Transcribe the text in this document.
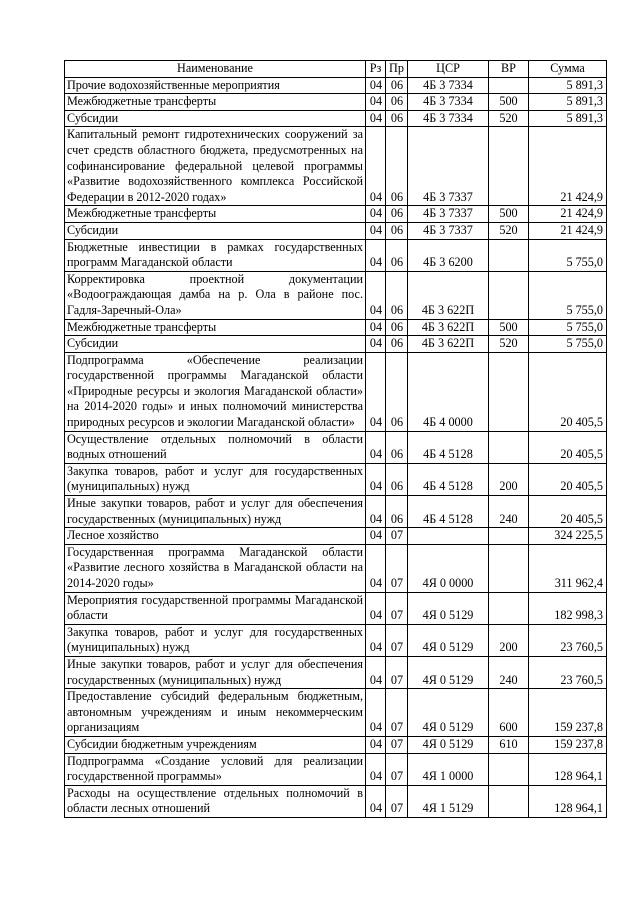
Наименование	Рз	Пр	ЦСР	ВР	Сумма
Прочие водохозяйственные мероприятия	04	06	4Б 3 7334		5 891,3
Межбюджетные трансферты	04	06	4Б 3 7334	500	5 891,3
Субсидии	04	06	4Б 3 7334	520	5 891,3
Капитальный ремонт гидротехнических сооружений за счет средств областного бюджета, предусмотренных на софинансирование федеральной целевой программы «Развитие водохозяйственного комплекса Российской Федерации в 2012-2020 годах»	04	06	4Б 3 7337		21 424,9
Межбюджетные трансферты	04	06	4Б 3 7337	500	21 424,9
Субсидии	04	06	4Б 3 7337	520	21 424,9
Бюджетные инвестиции в рамках государственных программ Магаданской области	04	06	4Б 3 6200		5 755,0
Корректировка проектной документации «Водоограждающая дамба на р. Ола в районе пос. Гадля-Заречный-Ола»	04	06	4Б 3 622П		5 755,0
Межбюджетные трансферты	04	06	4Б 3 622П	500	5 755,0
Субсидии	04	06	4Б 3 622П	520	5 755,0
Подпрограмма «Обеспечение реализации государственной программы Магаданской области «Природные ресурсы и экология Магаданской области» на 2014-2020 годы» и иных полномочий министерства природных ресурсов и экологии Магаданской области»	04	06	4Б 4 0000		20 405,5
Осуществление отдельных полномочий в области водных отношений	04	06	4Б 4 5128		20 405,5
Закупка товаров, работ и услуг для государственных (муниципальных) нужд	04	06	4Б 4 5128	200	20 405,5
Иные закупки товаров, работ и услуг для обеспечения государственных (муниципальных) нужд	04	06	4Б 4 5128	240	20 405,5
Лесное хозяйство	04	07			324 225,5
Государственная программа Магаданской области «Развитие лесного хозяйства в Магаданской области на 2014-2020 годы»	04	07	4Я 0 0000		311 962,4
Мероприятия государственной программы Магаданской области	04	07	4Я 0 5129		182 998,3
Закупка товаров, работ и услуг для государственных (муниципальных) нужд	04	07	4Я 0 5129	200	23 760,5
Иные закупки товаров, работ и услуг для обеспечения государственных (муниципальных) нужд	04	07	4Я 0 5129	240	23 760,5
Предоставление субсидий федеральным бюджетным, автономным учреждениям и иным некоммерческим организациям	04	07	4Я 0 5129	600	159 237,8
Субсидии бюджетным учреждениям	04	07	4Я 0 5129	610	159 237,8
Подпрограмма «Создание условий для реализации государственной программы»	04	07	4Я 1 0000		128 964,1
Расходы на осуществление отдельных полномочий в области лесных отношений	04	07	4Я 1 5129		128 964,1
